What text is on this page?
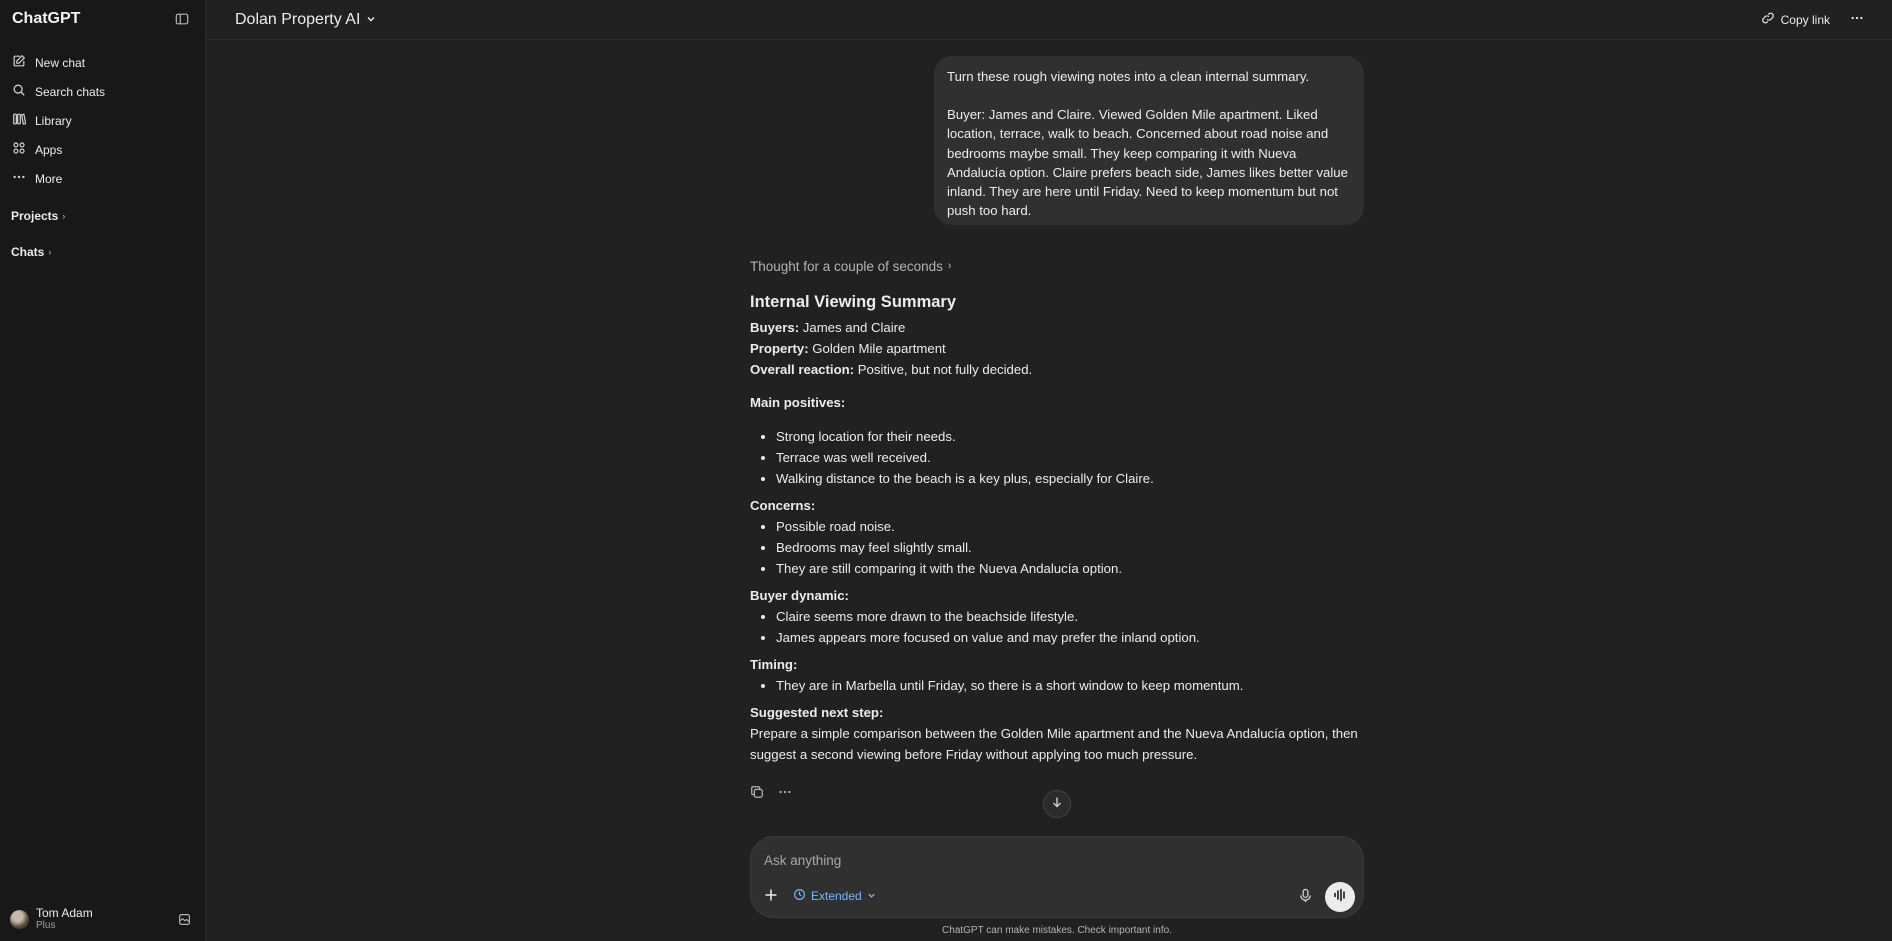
ChatGPT
New chat
Search chats
Library
Apps
More
Projects ›
Chats ›
Tom Adam
Plus
Dolan Property AI	Copy link

Turn these rough viewing notes into a clean internal summary.

Buyer: James and Claire. Viewed Golden Mile apartment. Liked location, terrace, walk to beach. Concerned about road noise and bedrooms maybe small. They keep comparing it with Nueva Andalucía option. Claire prefers beach side, James likes better value inland. They are here until Friday. Need to keep momentum but not push too hard.

Thought for a couple of seconds ›
Internal Viewing Summary
Buyers: James and Claire
Property: Golden Mile apartment
Overall reaction: Positive, but not fully decided.
Main positives:
• Strong location for their needs.
• Terrace was well received.
• Walking distance to the beach is a key plus, especially for Claire.
Concerns:
• Possible road noise.
• Bedrooms may feel slightly small.
• They are still comparing it with the Nueva Andalucía option.
Buyer dynamic:
• Claire seems more drawn to the beachside lifestyle.
• James appears more focused on value and may prefer the inland option.
Timing:
• They are in Marbella until Friday, so there is a short window to keep momentum.
Suggested next step:
Prepare a simple comparison between the Golden Mile apartment and the Nueva Andalucía option, then suggest a second viewing before Friday without applying too much pressure.
Ask anything
Extended
ChatGPT can make mistakes. Check important info.
